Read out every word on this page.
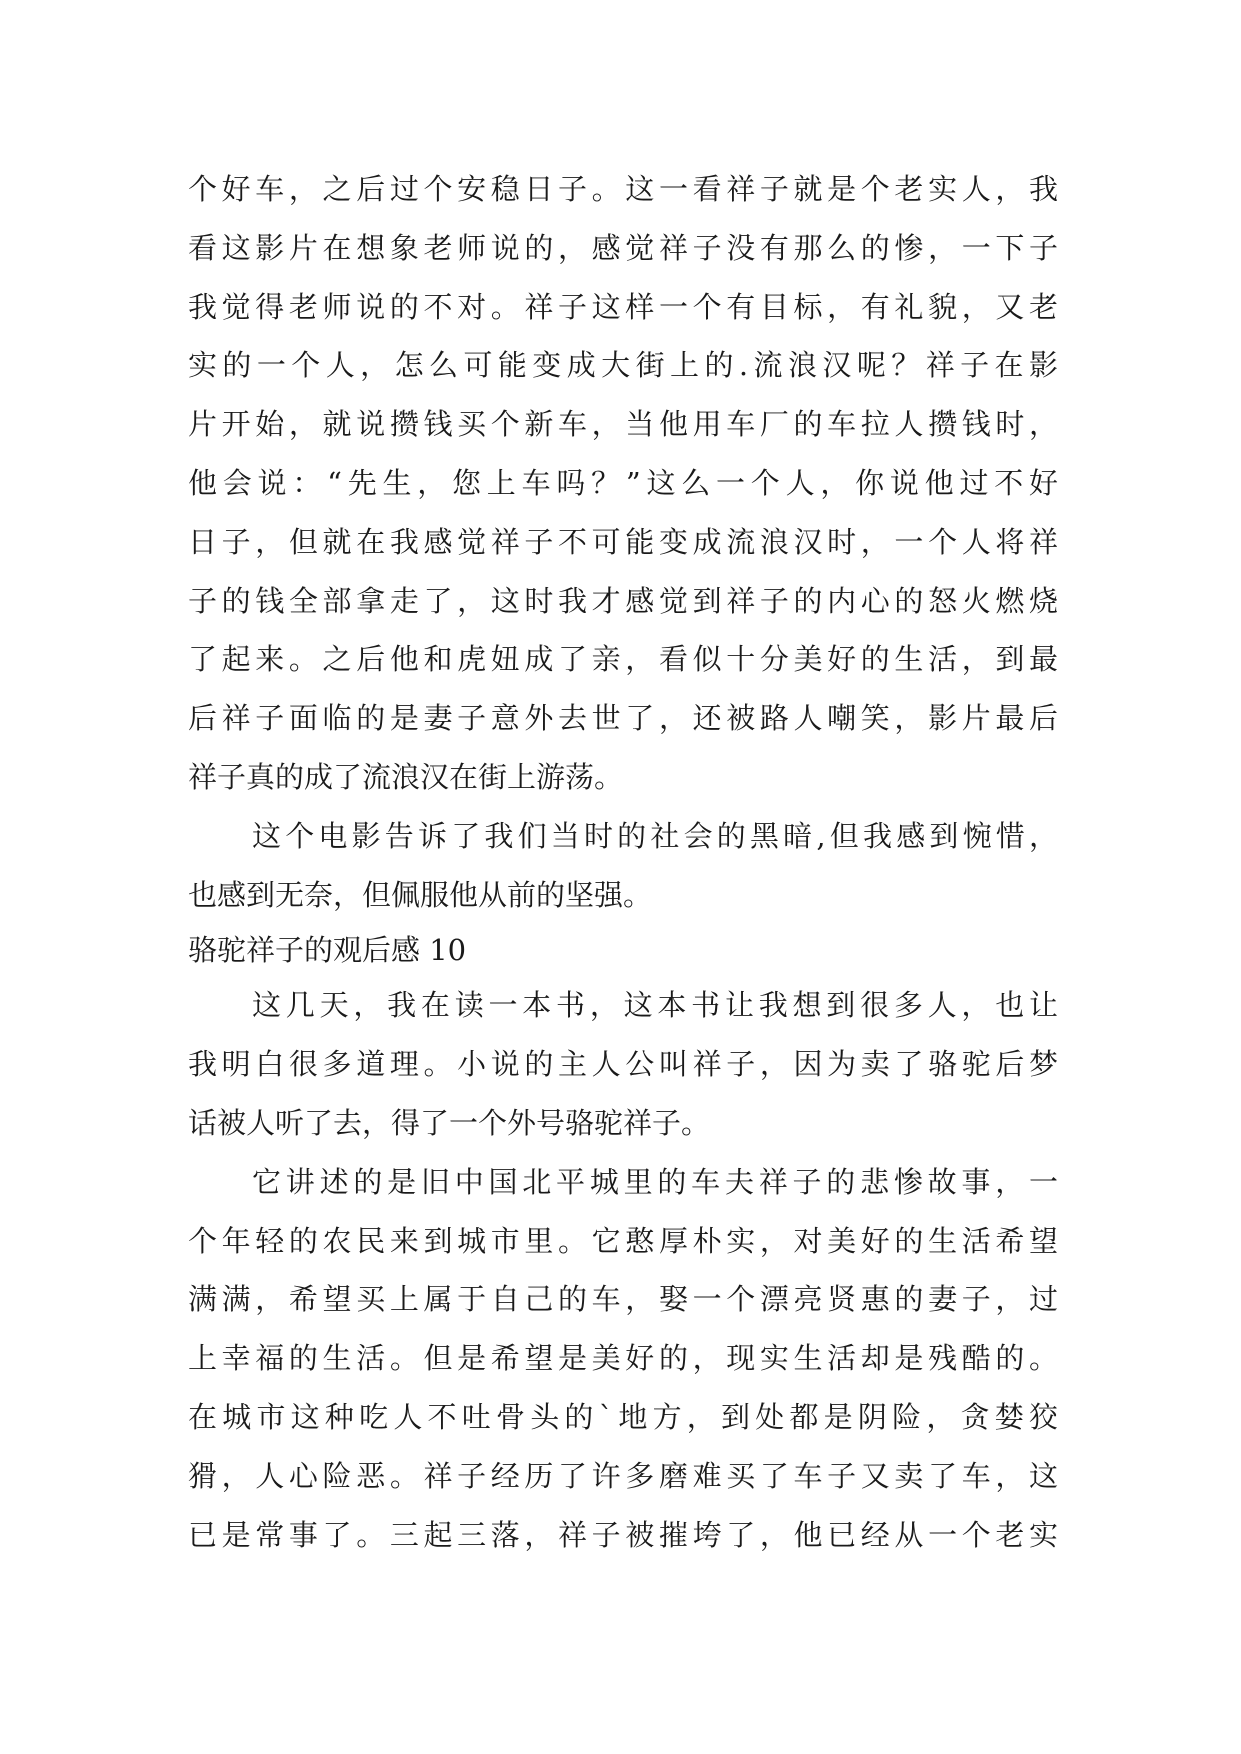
个好车，之后过个安稳日子。这一看祥子就是个老实人，我
看这影片在想象老师说的，感觉祥子没有那么的惨，一下子
我觉得老师说的不对。祥子这样一个有目标，有礼貌，又老
实的一个人，怎么可能变成大街上的.流浪汉呢？祥子在影
片开始，就说攒钱买个新车，当他用车厂的车拉人攒钱时，
他会说：“先生，您上车吗？”这么一个人，你说他过不好
日子，但就在我感觉祥子不可能变成流浪汉时，一个人将祥
子的钱全部拿走了，这时我才感觉到祥子的内心的怒火燃烧
了起来。之后他和虎妞成了亲，看似十分美好的生活，到最
后祥子面临的是妻子意外去世了，还被路人嘲笑，影片最后
祥子真的成了流浪汉在街上游荡。
这个电影告诉了我们当时的社会的黑暗,但我感到惋惜，
也感到无奈，但佩服他从前的坚强。
骆驼祥子的观后感 10
这几天，我在读一本书，这本书让我想到很多人，也让
我明白很多道理。小说的主人公叫祥子，因为卖了骆驼后梦
话被人听了去，得了一个外号骆驼祥子。
它讲述的是旧中国北平城里的车夫祥子的悲惨故事，一
个年轻的农民来到城市里。它憨厚朴实，对美好的生活希望
满满，希望买上属于自己的车，娶一个漂亮贤惠的妻子，过
上幸福的生活。但是希望是美好的，现实生活却是残酷的。
在城市这种吃人不吐骨头的`地方，到处都是阴险，贪婪狡
猾，人心险恶。祥子经历了许多磨难买了车子又卖了车，这
已是常事了。三起三落，祥子被摧垮了，他已经从一个老实
